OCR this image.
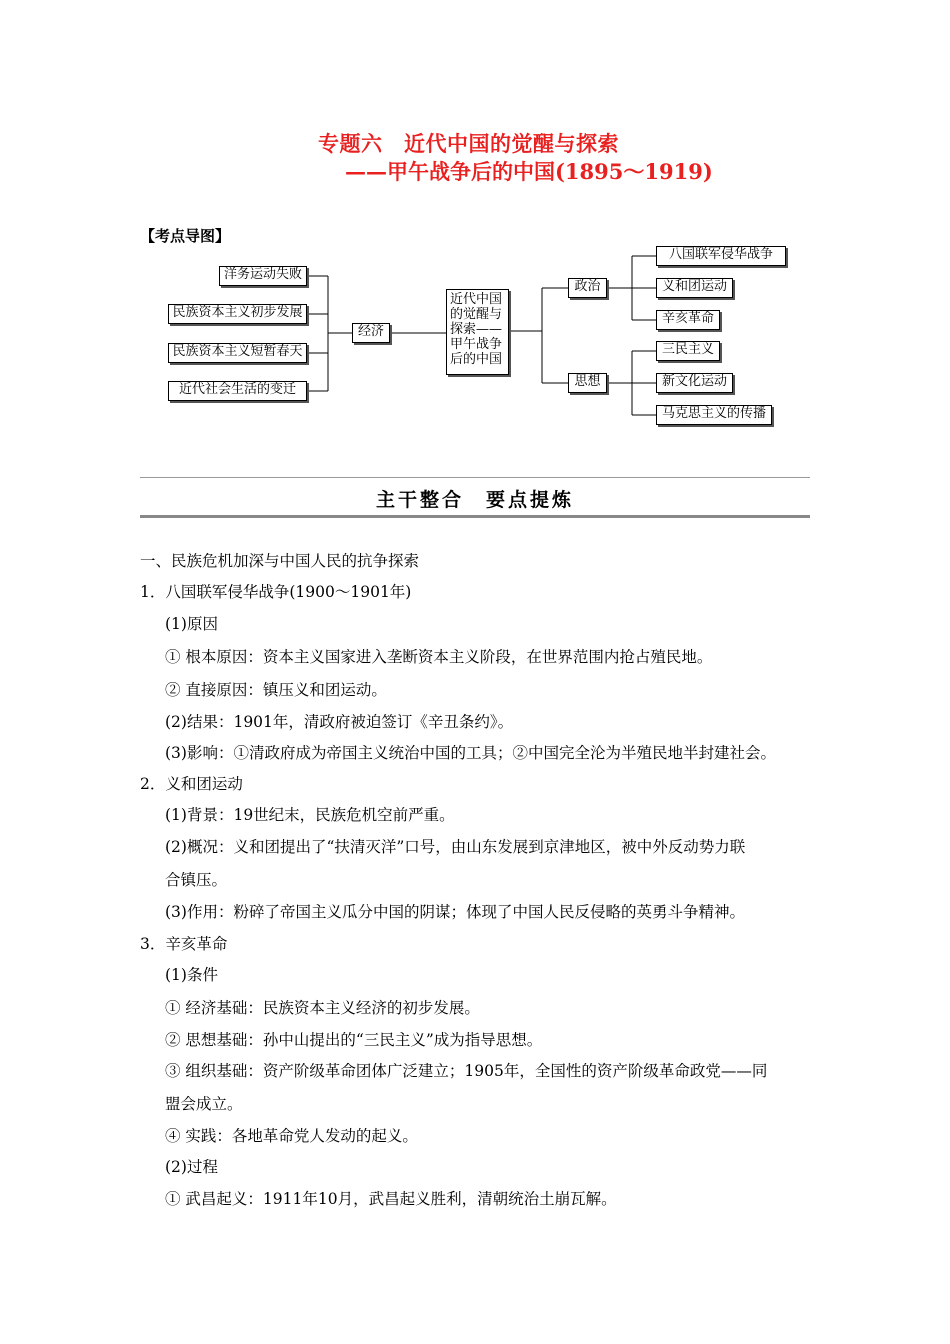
专题六　近代中国的觉醒与探索
——甲午战争后的中国(1895～1919)
【考点导图】
洋务运动失败
民族资本主义初步发展
民族资本主义短暂春天
近代社会生活的变迁
经济
近代中国的觉醒与探索——甲午战争后的中国
政治
思想
八国联军侵华战争
义和团运动
辛亥革命
三民主义
新文化运动
马克思主义的传播
主干整合　要点提炼
一、民族危机加深与中国人民的抗争探索
1．八国联军侵华战争(1900～1901年)
(1)原因
① 根本原因：资本主义国家进入垄断资本主义阶段，在世界范围内抢占殖民地。
② 直接原因：镇压义和团运动。
(2)结果：1901年，清政府被迫签订《辛丑条约》。
(3)影响：①清政府成为帝国主义统治中国的工具；②中国完全沦为半殖民地半封建社会。
2．义和团运动
(1)背景：19世纪末，民族危机空前严重。
(2)概况：义和团提出了“扶清灭洋”口号，由山东发展到京津地区，被中外反动势力联
合镇压。
(3)作用：粉碎了帝国主义瓜分中国的阴谋；体现了中国人民反侵略的英勇斗争精神。
3．辛亥革命
(1)条件
① 经济基础：民族资本主义经济的初步发展。
② 思想基础：孙中山提出的“三民主义”成为指导思想。
③ 组织基础：资产阶级革命团体广泛建立；1905年，全国性的资产阶级革命政党——同
盟会成立。
④ 实践：各地革命党人发动的起义。
(2)过程
① 武昌起义：1911年10月，武昌起义胜利，清朝统治土崩瓦解。
